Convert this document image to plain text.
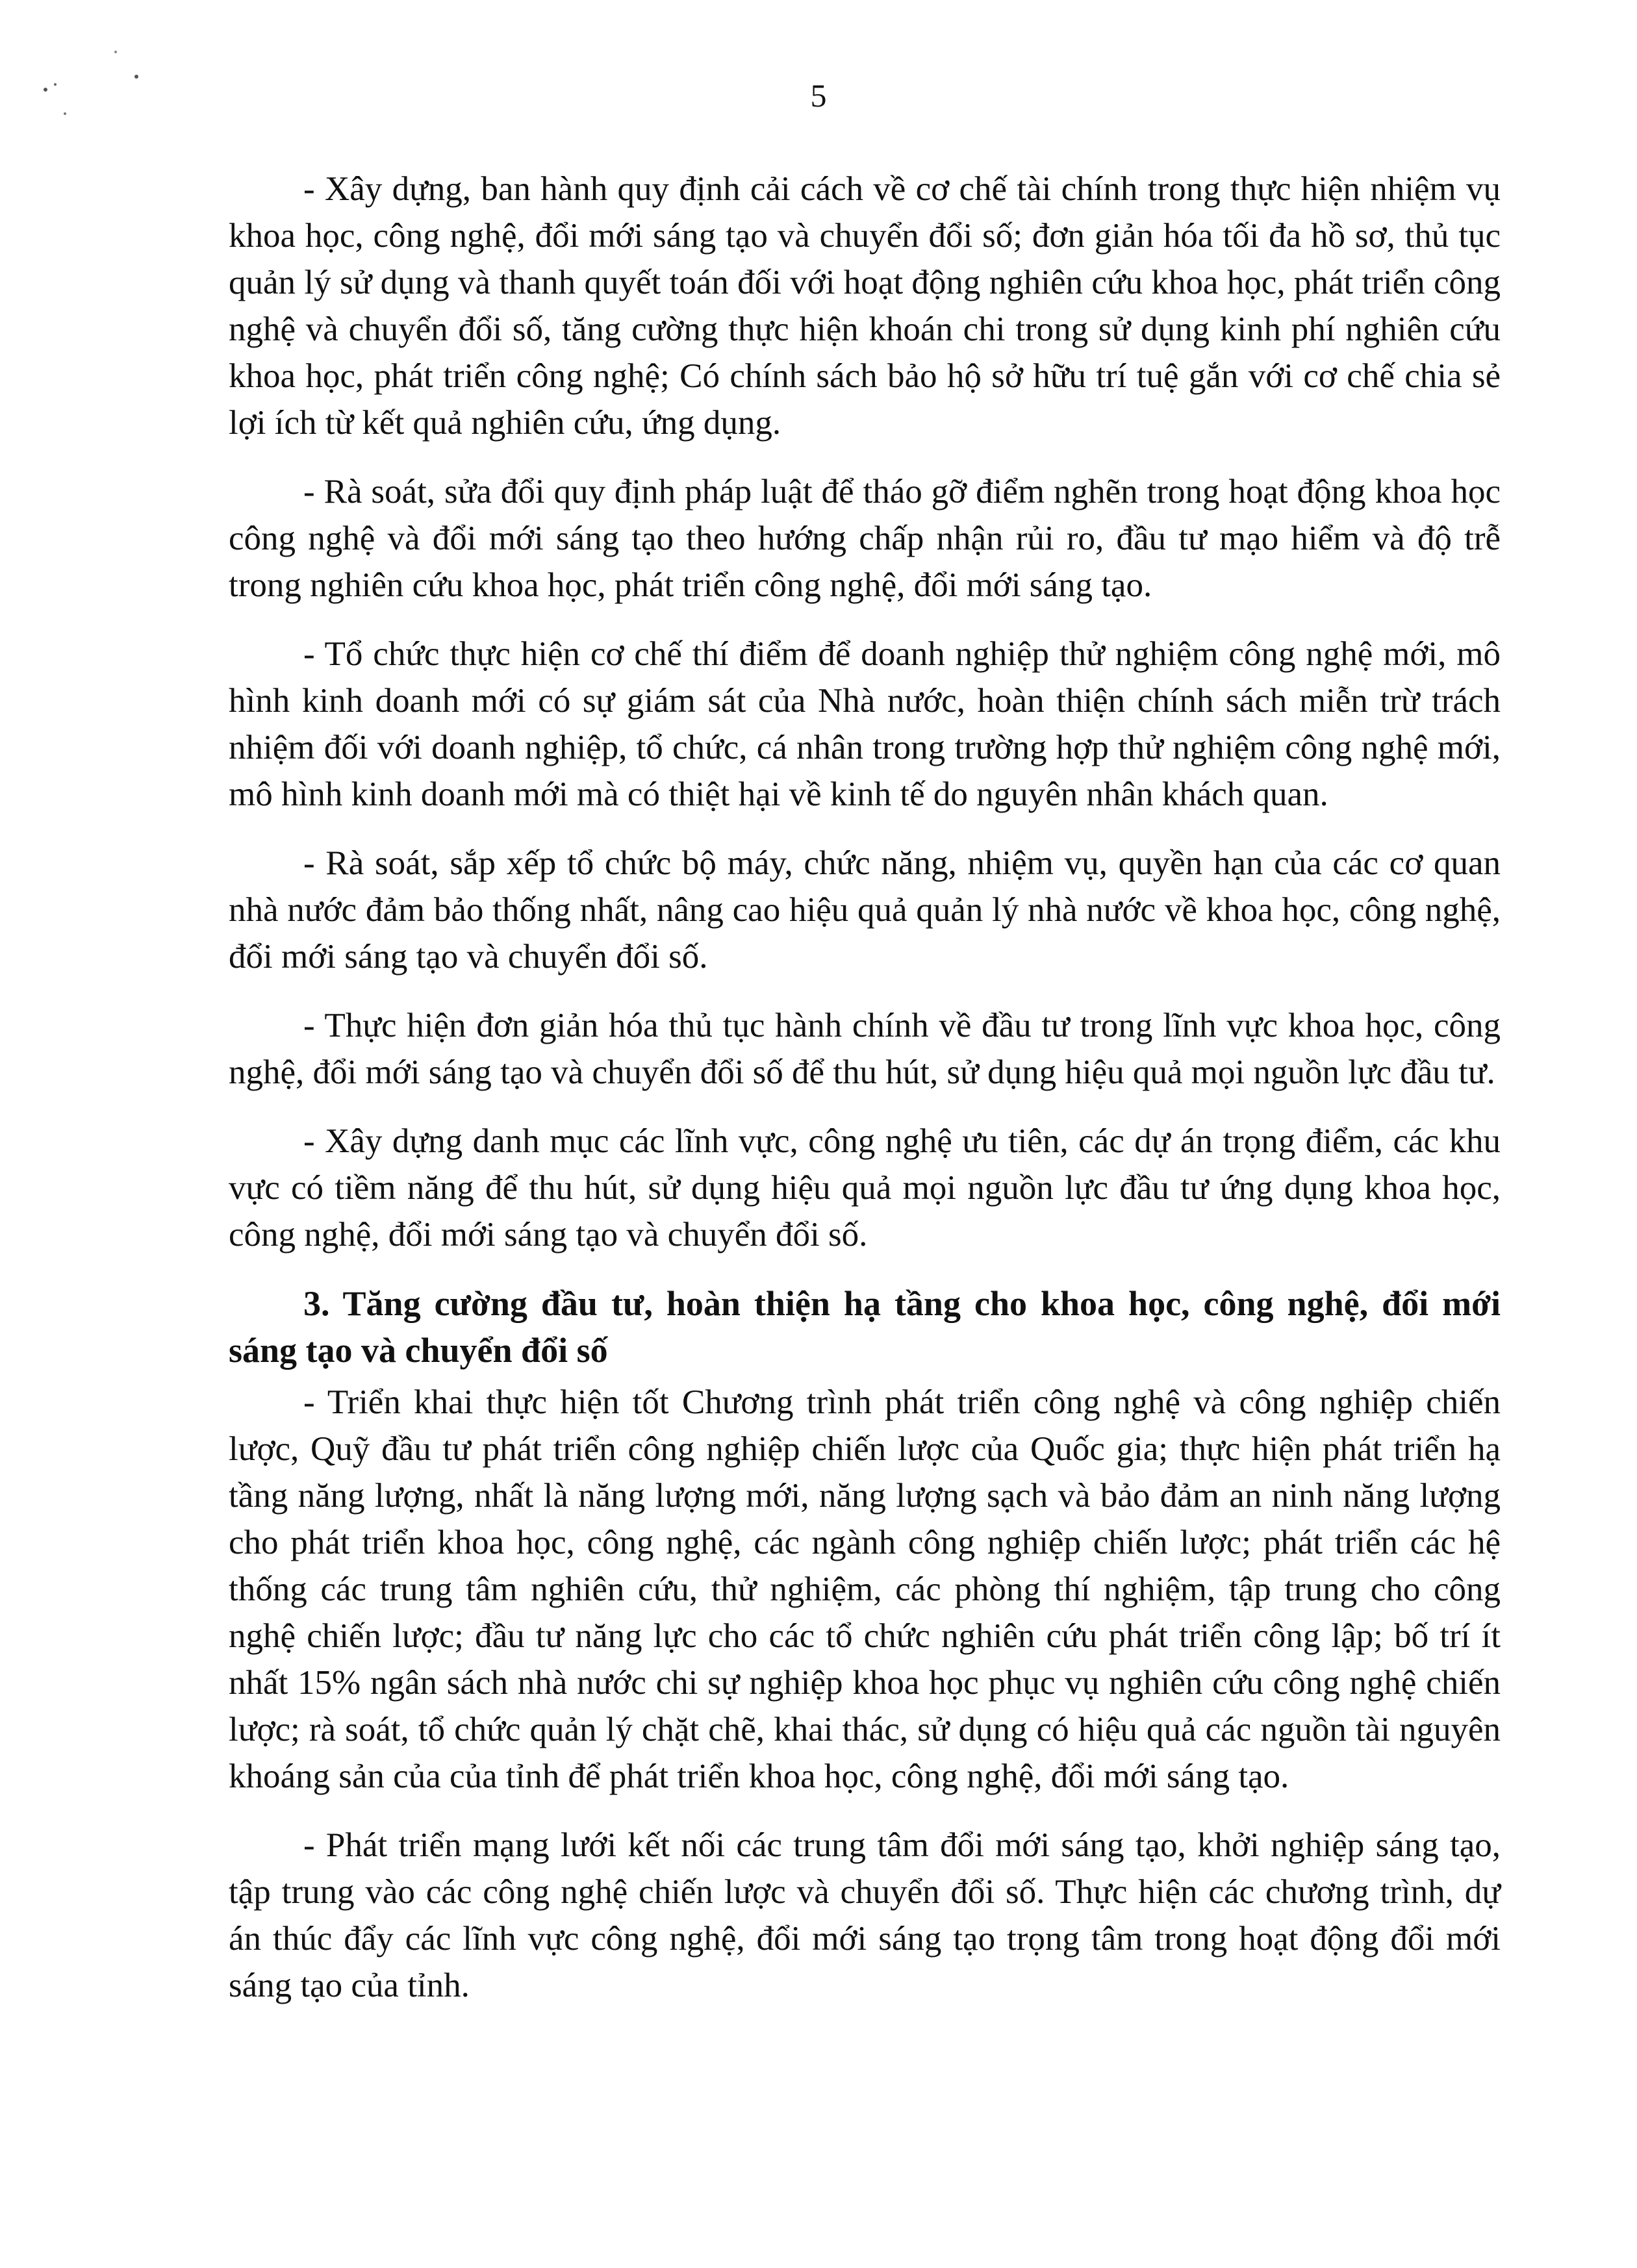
5

- Xây dựng, ban hành quy định cải cách về cơ chế tài chính trong thực hiện nhiệm vụ khoa học, công nghệ, đổi mới sáng tạo và chuyển đổi số; đơn giản hóa tối đa hồ sơ, thủ tục quản lý sử dụng và thanh quyết toán đối với hoạt động nghiên cứu khoa học, phát triển công nghệ và chuyển đổi số, tăng cường thực hiện khoán chi trong sử dụng kinh phí nghiên cứu khoa học, phát triển công nghệ; Có chính sách bảo hộ sở hữu trí tuệ gắn với cơ chế chia sẻ lợi ích từ kết quả nghiên cứu, ứng dụng.

- Rà soát, sửa đổi quy định pháp luật để tháo gỡ điểm nghẽn trong hoạt động khoa học công nghệ và đổi mới sáng tạo theo hướng chấp nhận rủi ro, đầu tư mạo hiểm và độ trễ trong nghiên cứu khoa học, phát triển công nghệ, đổi mới sáng tạo.

- Tổ chức thực hiện cơ chế thí điểm để doanh nghiệp thử nghiệm công nghệ mới, mô hình kinh doanh mới có sự giám sát của Nhà nước, hoàn thiện chính sách miễn trừ trách nhiệm đối với doanh nghiệp, tổ chức, cá nhân trong trường hợp thử nghiệm công nghệ mới, mô hình kinh doanh mới mà có thiệt hại về kinh tế do nguyên nhân khách quan.

- Rà soát, sắp xếp tổ chức bộ máy, chức năng, nhiệm vụ, quyền hạn của các cơ quan nhà nước đảm bảo thống nhất, nâng cao hiệu quả quản lý nhà nước về khoa học, công nghệ, đổi mới sáng tạo và chuyển đổi số.

- Thực hiện đơn giản hóa thủ tục hành chính về đầu tư trong lĩnh vực khoa học, công nghệ, đổi mới sáng tạo và chuyển đổi số để thu hút, sử dụng hiệu quả mọi nguồn lực đầu tư.

- Xây dựng danh mục các lĩnh vực, công nghệ ưu tiên, các dự án trọng điểm, các khu vực có tiềm năng để thu hút, sử dụng hiệu quả mọi nguồn lực đầu tư ứng dụng khoa học, công nghệ, đổi mới sáng tạo và chuyển đổi số.

3. Tăng cường đầu tư, hoàn thiện hạ tầng cho khoa học, công nghệ, đổi mới sáng tạo và chuyển đổi số

- Triển khai thực hiện tốt Chương trình phát triển công nghệ và công nghiệp chiến lược, Quỹ đầu tư phát triển công nghiệp chiến lược của Quốc gia; thực hiện phát triển hạ tầng năng lượng, nhất là năng lượng mới, năng lượng sạch và bảo đảm an ninh năng lượng cho phát triển khoa học, công nghệ, các ngành công nghiệp chiến lược; phát triển các hệ thống các trung tâm nghiên cứu, thử nghiệm, các phòng thí nghiệm, tập trung cho công nghệ chiến lược; đầu tư năng lực cho các tổ chức nghiên cứu phát triển công lập; bố trí ít nhất 15% ngân sách nhà nước chi sự nghiệp khoa học phục vụ nghiên cứu công nghệ chiến lược; rà soát, tổ chức quản lý chặt chẽ, khai thác, sử dụng có hiệu quả các nguồn tài nguyên khoáng sản của của tỉnh để phát triển khoa học, công nghệ, đổi mới sáng tạo.

- Phát triển mạng lưới kết nối các trung tâm đổi mới sáng tạo, khởi nghiệp sáng tạo, tập trung vào các công nghệ chiến lược và chuyển đổi số. Thực hiện các chương trình, dự án thúc đẩy các lĩnh vực công nghệ, đổi mới sáng tạo trọng tâm trong hoạt động đổi mới sáng tạo của tỉnh.
